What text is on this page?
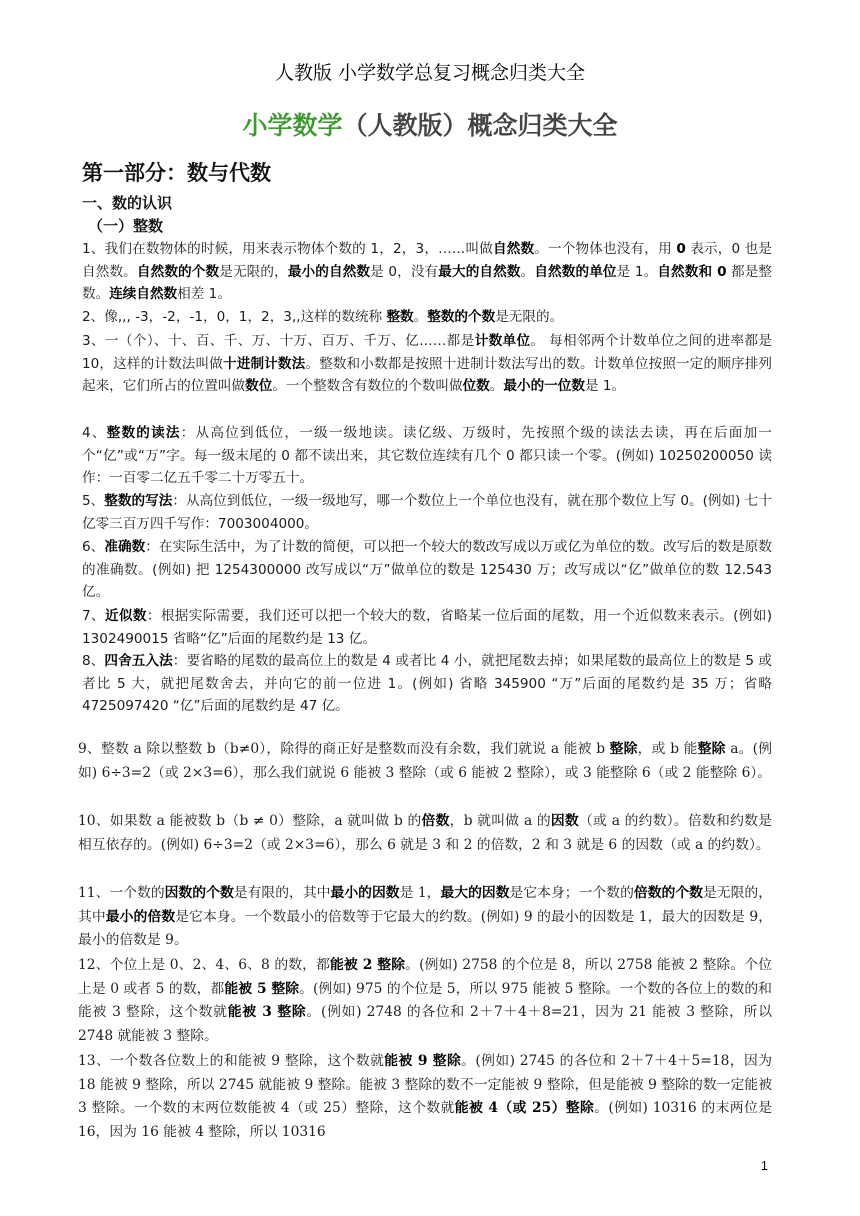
人教版 小学数学总复习概念归类大全
小学数学（人教版）概念归类大全
第一部分：数与代数
一、数的认识
（一）整数
1、我们在数物体的时候，用来表示物体个数的 1，2，3，……叫做自然数。一个物体也没有，用 0 表示，0 也是自然数。自然数的个数是无限的，最小的自然数是 0，没有最大的自然数。自然数的单位是 1。自然数和 0 都是整数。连续自然数相差 1。
2、像,,, -3，-2，-1，0，1，2，3,,这样的数统称 整数。整数的个数是无限的。
3、一（个）、十、百、千、万、十万、百万、千万、亿……都是计数单位。 每相邻两个计数单位之间的进率都是 10，这样的计数法叫做十进制计数法。整数和小数都是按照十进制计数法写出的数。计数单位按照一定的顺序排列起来，它们所占的位置叫做数位。一个整数含有数位的个数叫做位数。最小的一位数是 1。
4、整数的读法：从高位到低位，一级一级地读。读亿级、万级时，先按照个级的读法去读，再在后面加一个“亿”或“万”字。每一级末尾的 0 都不读出来，其它数位连续有几个 0 都只读一个零。(例如) 10250200050 读作：一百零二亿五千零二十万零五十。
5、整数的写法：从高位到低位，一级一级地写，哪一个数位上一个单位也没有，就在那个数位上写 0。(例如) 七十亿零三百万四千写作：7003004000。
6、准确数：在实际生活中，为了计数的简便，可以把一个较大的数改写成以万或亿为单位的数。改写后的数是原数的准确数。(例如) 把 1254300000 改写成以“万”做单位的数是 125430 万；改写成以“亿”做单位的数 12.543 亿。
7、近似数：根据实际需要，我们还可以把一个较大的数，省略某一位后面的尾数，用一个近似数来表示。(例如) 1302490015 省略“亿”后面的尾数约是 13 亿。
8、四舍五入法：要省略的尾数的最高位上的数是 4 或者比 4 小，就把尾数去掉；如果尾数的最高位上的数是 5 或者比 5 大，就把尾数舍去，并向它的前一位进 1。(例如) 省略 345900 “万”后面的尾数约是 35 万；省略 4725097420 “亿”后面的尾数约是 47 亿。
9、整数 a 除以整数 b（b≠0），除得的商正好是整数而没有余数，我们就说 a 能被 b 整除，或 b 能整除 a。(例如) 6÷3=2（或 2×3=6），那么我们就说 6 能被 3 整除（或 6 能被 2 整除），或 3 能整除 6（或 2 能整除 6）。
10、如果数 a 能被数 b（b ≠ 0）整除，a 就叫做 b 的倍数，b 就叫做 a 的因数（或 a 的约数）。倍数和约数是相互依存的。(例如) 6÷3=2（或 2×3=6），那么 6 就是 3 和 2 的倍数，2 和 3 就是 6 的因数（或 a 的约数）。
11、一个数的因数的个数是有限的，其中最小的因数是 1，最大的因数是它本身；一个数的倍数的个数是无限的，其中最小的倍数是它本身。一个数最小的倍数等于它最大的约数。(例如) 9 的最小的因数是 1，最大的因数是 9，最小的倍数是 9。
12、个位上是 0、2、4、6、8 的数，都能被 2 整除。(例如) 2758 的个位是 8，所以 2758 能被 2 整除。个位上是 0 或者 5 的数，都能被 5 整除。(例如) 975 的个位是 5，所以 975 能被 5 整除。一个数的各位上的数的和能被 3 整除，这个数就能被 3 整除。(例如) 2748 的各位和 2＋7＋4＋8=21，因为 21 能被 3 整除，所以 2748 就能被 3 整除。
13、一个数各位数上的和能被 9 整除，这个数就能被 9 整除。(例如) 2745 的各位和 2＋7＋4＋5=18，因为 18 能被 9 整除，所以 2745 就能被 9 整除。能被 3 整除的数不一定能被 9 整除，但是能被 9 整除的数一定能被 3 整除。一个数的末两位数能被 4（或 25）整除，这个数就能被 4（或 25）整除。(例如) 10316 的末两位是 16，因为 16 能被 4 整除，所以 10316
1
